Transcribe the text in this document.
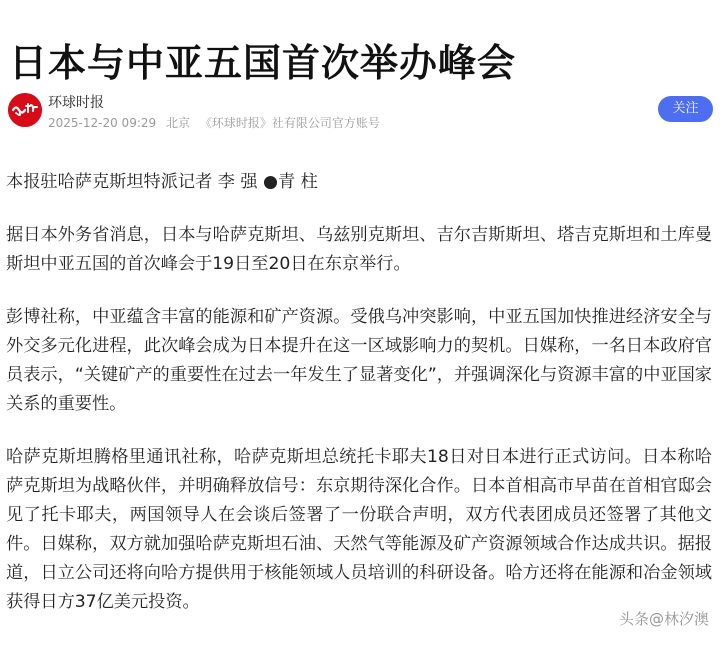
日本与中亚五国首次举办峰会
环球时报
2025-12-20 09:29 北京 《环球时报》社有限公司官方账号
关注

本报驻哈萨克斯坦特派记者 李 强 ●青 柱

据日本外务省消息，日本与哈萨克斯坦、乌兹别克斯坦、吉尔吉斯斯坦、塔吉克斯坦和土库曼斯坦中亚五国的首次峰会于19日至20日在东京举行。

彭博社称，中亚蕴含丰富的能源和矿产资源。受俄乌冲突影响，中亚五国加快推进经济安全与外交多元化进程，此次峰会成为日本提升在这一区域影响力的契机。日媒称，一名日本政府官员表示，“关键矿产的重要性在过去一年发生了显著变化”，并强调深化与资源丰富的中亚国家关系的重要性。

哈萨克斯坦腾格里通讯社称，哈萨克斯坦总统托卡耶夫18日对日本进行正式访问。日本称哈萨克斯坦为战略伙伴，并明确释放信号：东京期待深化合作。日本首相高市早苗在首相官邸会见了托卡耶夫，两国领导人在会谈后签署了一份联合声明，双方代表团成员还签署了其他文件。日媒称，双方就加强哈萨克斯坦石油、天然气等能源及矿产资源领域合作达成共识。据报道，日立公司还将向哈方提供用于核能领域人员培训的科研设备。哈方还将在能源和冶金领域获得日方37亿美元投资。

头条@林汐澳
